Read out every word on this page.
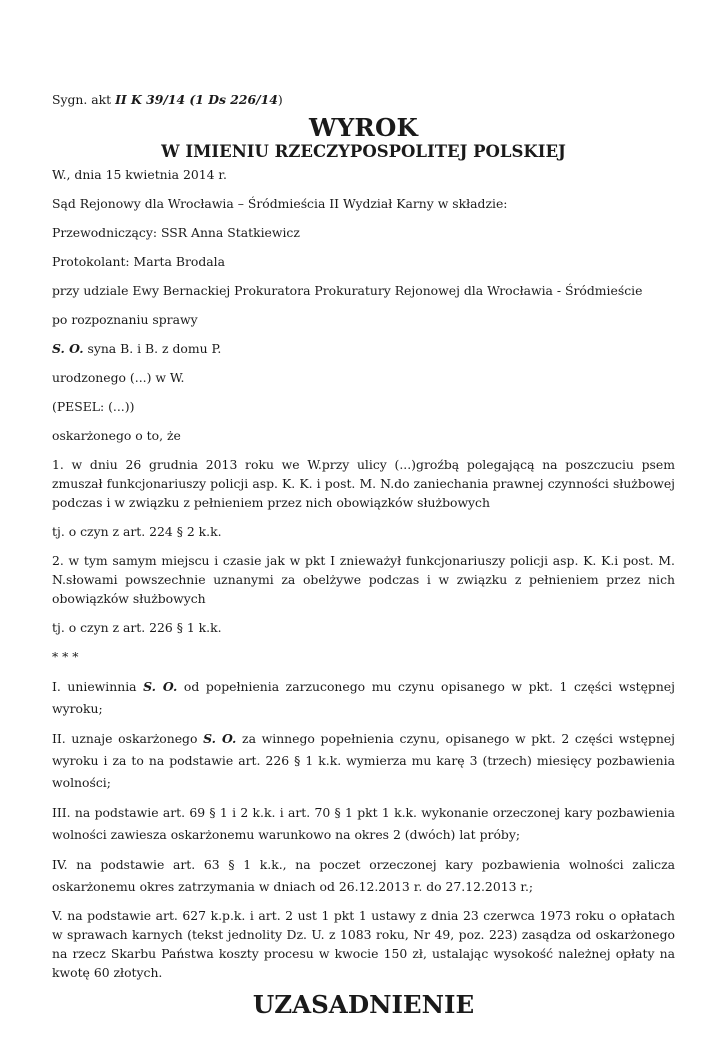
Sygn. akt II K 39/14 (1 Ds 226/14)

WYROK
W IMIENIU RZECZYPOSPOLITEJ POLSKIEJ

W., dnia 15 kwietnia 2014 r.

Sąd Rejonowy dla Wrocławia – Śródmieścia II Wydział Karny w składzie:

Przewodniczący: SSR Anna Statkiewicz

Protokolant: Marta Brodala

przy udziale Ewy Bernackiej Prokuratora Prokuratury Rejonowej dla Wrocławia - Śródmieście

po rozpoznaniu sprawy

S. O. syna B. i B. z domu P.

urodzonego (...) w W.

(PESEL: (...))

oskarżonego o to, że

1. w dniu 26 grudnia 2013 roku we W.przy ulicy (...)groźbą polegającą na poszczuciu psem zmuszał funkcjonariuszy policji asp. K. K. i post. M. N.do zaniechania prawnej czynności służbowej podczas i w związku z pełnieniem przez nich obowiązków służbowych

tj. o czyn z art. 224 § 2 k.k.

2. w tym samym miejscu i czasie jak w pkt I znieważył funkcjonariuszy policji asp. K. K.i post. M. N.słowami powszechnie uznanymi za obelżywe podczas i w związku z pełnieniem przez nich obowiązków służbowych

tj. o czyn z art. 226 § 1 k.k.

* * *

I. uniewinnia S. O. od popełnienia zarzuconego mu czynu opisanego w pkt. 1 części wstępnej wyroku;

II. uznaje oskarżonego S. O. za winnego popełnienia czynu, opisanego w pkt. 2 części wstępnej wyroku i za to na podstawie art. 226 § 1 k.k. wymierza mu karę 3 (trzech) miesięcy pozbawienia wolności;

III. na podstawie art. 69 § 1 i 2 k.k. i art. 70 § 1 pkt 1 k.k. wykonanie orzeczonej kary pozbawienia wolności zawiesza oskarżonemu warunkowo na okres 2 (dwóch) lat próby;

IV. na podstawie art. 63 § 1 k.k., na poczet orzeczonej kary pozbawienia wolności zalicza oskarżonemu okres zatrzymania w dniach od 26.12.2013 r. do 27.12.2013 r.;

V. na podstawie art. 627 k.p.k. i art. 2 ust 1 pkt 1 ustawy z dnia 23 czerwca 1973 roku o opłatach w sprawach karnych (tekst jednolity Dz. U. z 1083 roku, Nr 49, poz. 223) zasądza od oskarżonego na rzecz Skarbu Państwa koszty procesu w kwocie 150 zł, ustalając wysokość należnej opłaty na kwotę 60 złotych.

UZASADNIENIE
